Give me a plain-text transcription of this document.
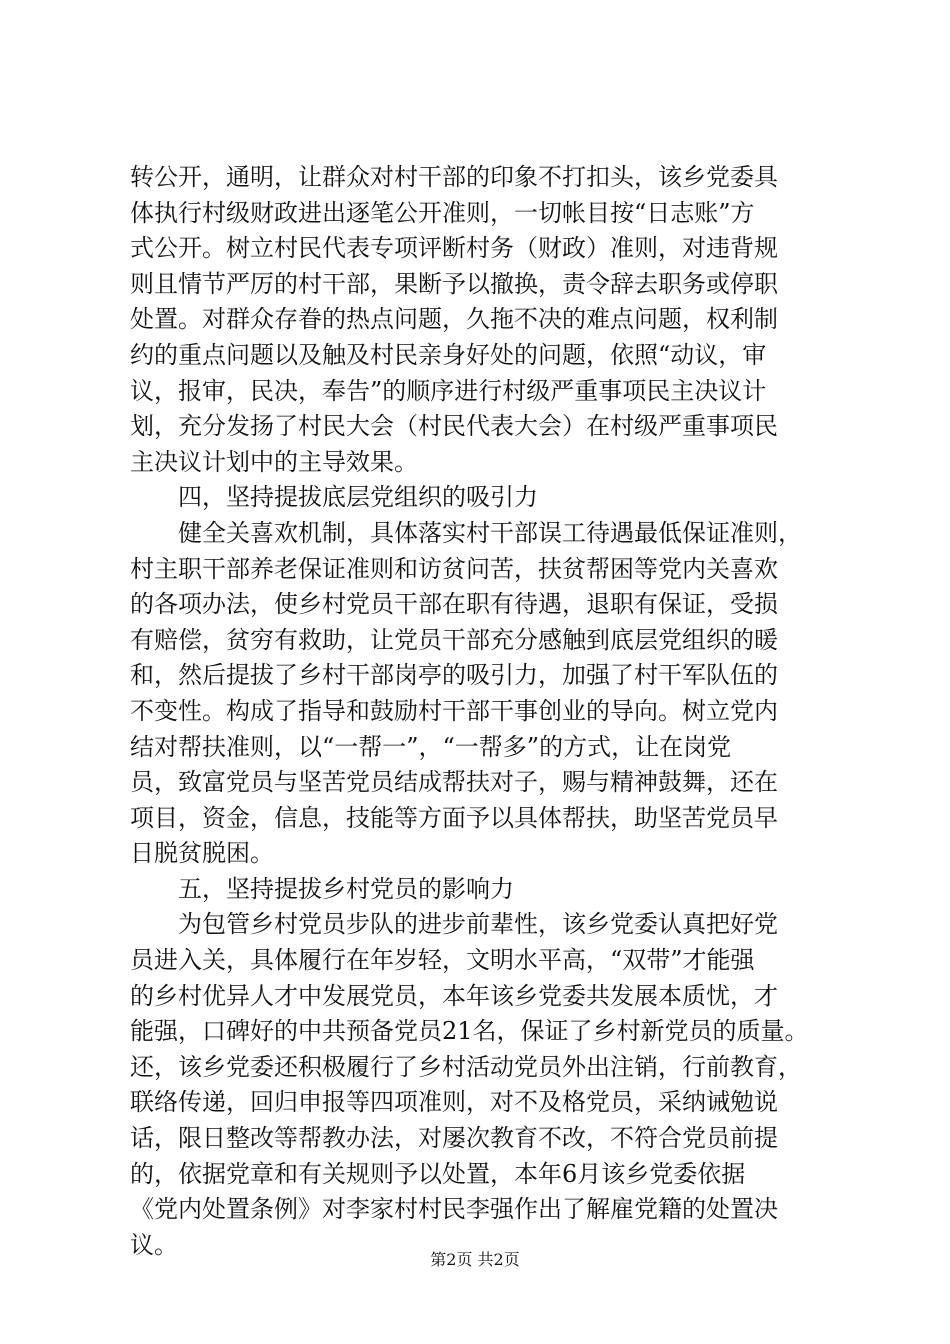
转公开，通明，让群众对村干部的印象不打扣头，该乡党委具
体执行村级财政进出逐笔公开准则，一切帐目按“日志账”方
式公开。树立村民代表专项评断村务（财政）准则，对违背规
则且情节严厉的村干部，果断予以撤换，责令辞去职务或停职
处置。对群众存眷的热点问题，久拖不决的难点问题，权利制
约的重点问题以及触及村民亲身好处的问题，依照“动议，审
议，报审，民决，奉告”的顺序进行村级严重事项民主决议计
划，充分发扬了村民大会（村民代表大会）在村级严重事项民
主决议计划中的主导效果。
　　四，坚持提拔底层党组织的吸引力
　　健全关喜欢机制，具体落实村干部误工待遇最低保证准则，
村主职干部养老保证准则和访贫问苦，扶贫帮困等党内关喜欢
的各项办法，使乡村党员干部在职有待遇，退职有保证，受损
有赔偿，贫穷有救助，让党员干部充分感触到底层党组织的暖
和，然后提拔了乡村干部岗亭的吸引力，加强了村干军队伍的
不变性。构成了指导和鼓励村干部干事创业的导向。树立党内
结对帮扶准则，以“一帮一”，“一帮多”的方式，让在岗党
员，致富党员与坚苦党员结成帮扶对子，赐与精神鼓舞，还在
项目，资金，信息，技能等方面予以具体帮扶，助坚苦党员早
日脱贫脱困。
　　五，坚持提拔乡村党员的影响力
　　为包管乡村党员步队的进步前辈性，该乡党委认真把好党
员进入关，具体履行在年岁轻，文明水平高，“双带”才能强
的乡村优异人才中发展党员，本年该乡党委共发展本质忧，才
能强，口碑好的中共预备党员21名，保证了乡村新党员的质量。
还，该乡党委还积极履行了乡村活动党员外出注销，行前教育，
联络传递，回归申报等四项准则，对不及格党员，采纳诫勉说
话，限日整改等帮教办法，对屡次教育不改，不符合党员前提
的，依据党章和有关规则予以处置，本年6月该乡党委依据
《党内处置条例》对李家村村民李强作出了解雇党籍的处置决
议。
第2页 共2页
